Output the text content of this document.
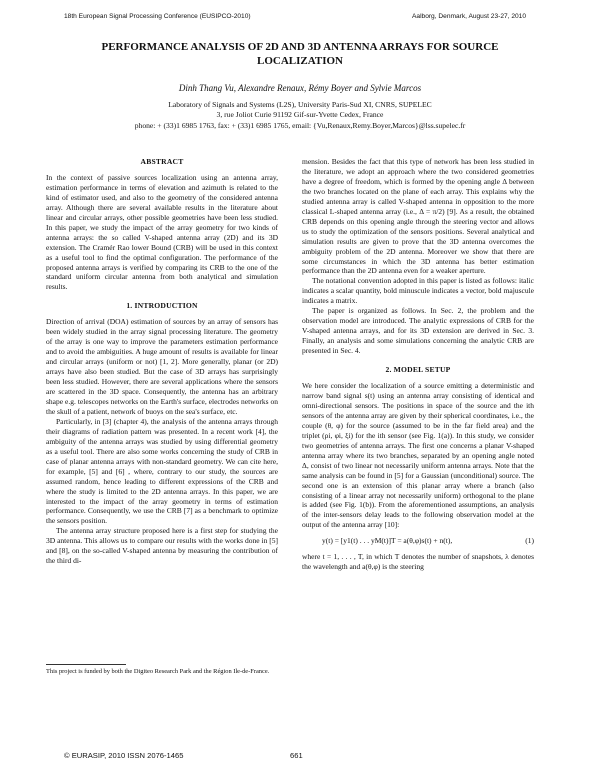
18th European Signal Processing Conference (EUSIPCO-2010)	Aalborg, Denmark, August 23-27, 2010
PERFORMANCE ANALYSIS OF 2D AND 3D ANTENNA ARRAYS FOR SOURCE
LOCALIZATION
Dinh Thang Vu, Alexandre Renaux, Rémy Boyer and Sylvie Marcos
Laboratory of Signals and Systems (L2S), University Paris-Sud XI, CNRS, SUPELEC
3, rue Joliot Curie 91192 Gif-sur-Yvette Cedex, France
phone: + (33)1 6985 1763, fax: + (33)1 6985 1765, email: {Vu,Renaux,Remy.Boyer,Marcos}@lss.supelec.fr
ABSTRACT

In the context of passive sources localization using an antenna array, estimation performance in terms of elevation and azimuth is related to the kind of estimator used, and also to the geometry of the considered antenna array. Although there are several available results in the literature about linear and circular arrays, other possible geometries have been less studied. In this paper, we study the impact of the array geometry for two kinds of antenna arrays: the so called V-shaped antenna array (2D) and its 3D extension. The Cramér Rao lower Bound (CRB) will be used in this context as a useful tool to find the optimal configuration. The performance of the proposed antenna arrays is verified by comparing its CRB to the one of the standard uniform circular antenna from both analytical and simulation results.

1. INTRODUCTION

Direction of arrival (DOA) estimation of sources by an array of sensors has been widely studied in the array signal processing literature. The geometry of the array is one way to improve the parameters estimation performance and to avoid the ambiguities. A huge amount of results is available for linear and circular arrays (uniform or not) [1, 2]. More generally, planar (or 2D) arrays have also been studied. But the case of 3D arrays has surprisingly been less studied. However, there are several applications where the sensors are scattered in the 3D space. Consequently, the antenna has an arbitrary shape e.g. telescopes networks on the Earth's surface, electrodes networks on the skull of a patient, network of buoys on the sea's surface, etc.

Particularly, in [3] (chapter 4), the analysis of the antenna arrays through their diagrams of radiation pattern was presented. In a recent work [4], the ambiguity of the antenna arrays was studied by using differential geometry as a useful tool. There are also some works concerning the study of CRB in case of planar antenna arrays with non-standard geometry. We can cite here, for example, [5] and [6] , where, contrary to our study, the sources are assumed random, hence leading to different expressions of the CRB and where the study is limited to the 2D antenna arrays. In this paper, we are interested to the impact of the array geometry in terms of estimation performance. Consequently, we use the CRB [7] as a benchmark to optimize the sensors position.

The antenna array structure proposed here is a first step for studying the 3D antenna. This allows us to compare our results with the works done in [5] and [8], on the so-called V-shaped antenna by measuring the contribution of the third di-

This project is funded by both the Digiteo Research Park and the Région Ile-de-France.

mension. Besides the fact that this type of network has been less studied in the literature, we adopt an approach where the two considered geometries have a degree of freedom, which is formed by the opening angle Δ between the two branches located on the plane of each array. This explains why the studied antenna array is called V-shaped antenna in opposition to the more classical L-shaped antenna array (i.e., Δ = π/2) [9]. As a result, the obtained CRB depends on this opening angle through the steering vector and allows us to study the optimization of the sensors positions. Several analytical and simulation results are given to prove that the 3D antenna overcomes the ambiguity problem of the 2D antenna. Moreover we show that there are some circumstances in which the 3D antenna has better estimation performance than the 2D antenna even for a weaker aperture.

The notational convention adopted in this paper is listed as follows: italic indicates a scalar quantity, bold minuscule indicates a vector, bold majuscule indicates a matrix.

The paper is organized as follows. In Sec. 2, the problem and the observation model are introduced. The analytic expressions of CRB for the V-shaped antenna arrays, and for its 3D extension are derived in Sec. 3. Finally, an analysis and some simulations concerning the analytic CRB are presented in Sec. 4.

2. MODEL SETUP

We here consider the localization of a source emitting a deterministic and narrow band signal s(t) using an antenna array consisting of identical and omni-directional sensors. The positions in space of the source and the ith sensors of the antenna array are given by their spherical coordinates, i.e., the couple (θ, φ) for the source (assumed to be in the far field area) and the triplet (ρi, φi, ξi) for the ith sensor (see Fig. 1(a)). In this study, we consider two geometries of antenna arrays. The first one concerns a planar V-shaped antenna array where its two branches, separated by an opening angle noted Δ, consist of two linear not necessarily uniform antenna arrays. Note that the same analysis can be found in [5] for a Gaussian (unconditional) source. The second one is an extension of this planar array where a branch (also consisting of a linear array not necessarily uniform) orthogonal to the plane is added (see Fig. 1(b)). From the aforementioned assumptions, an analysis of the inter-sensors delay leads to the following observation model at the output of the antenna array [10]:

y(t) = [y1(t) . . . yM(t)]T = a(θ,φ)s(t) + n(t),	(1)

where t = 1, . . . , T, in which T denotes the number of snapshots, λ denotes the wavelength and a(θ,φ) is the steering

© EURASIP, 2010 ISSN 2076-1465	661
